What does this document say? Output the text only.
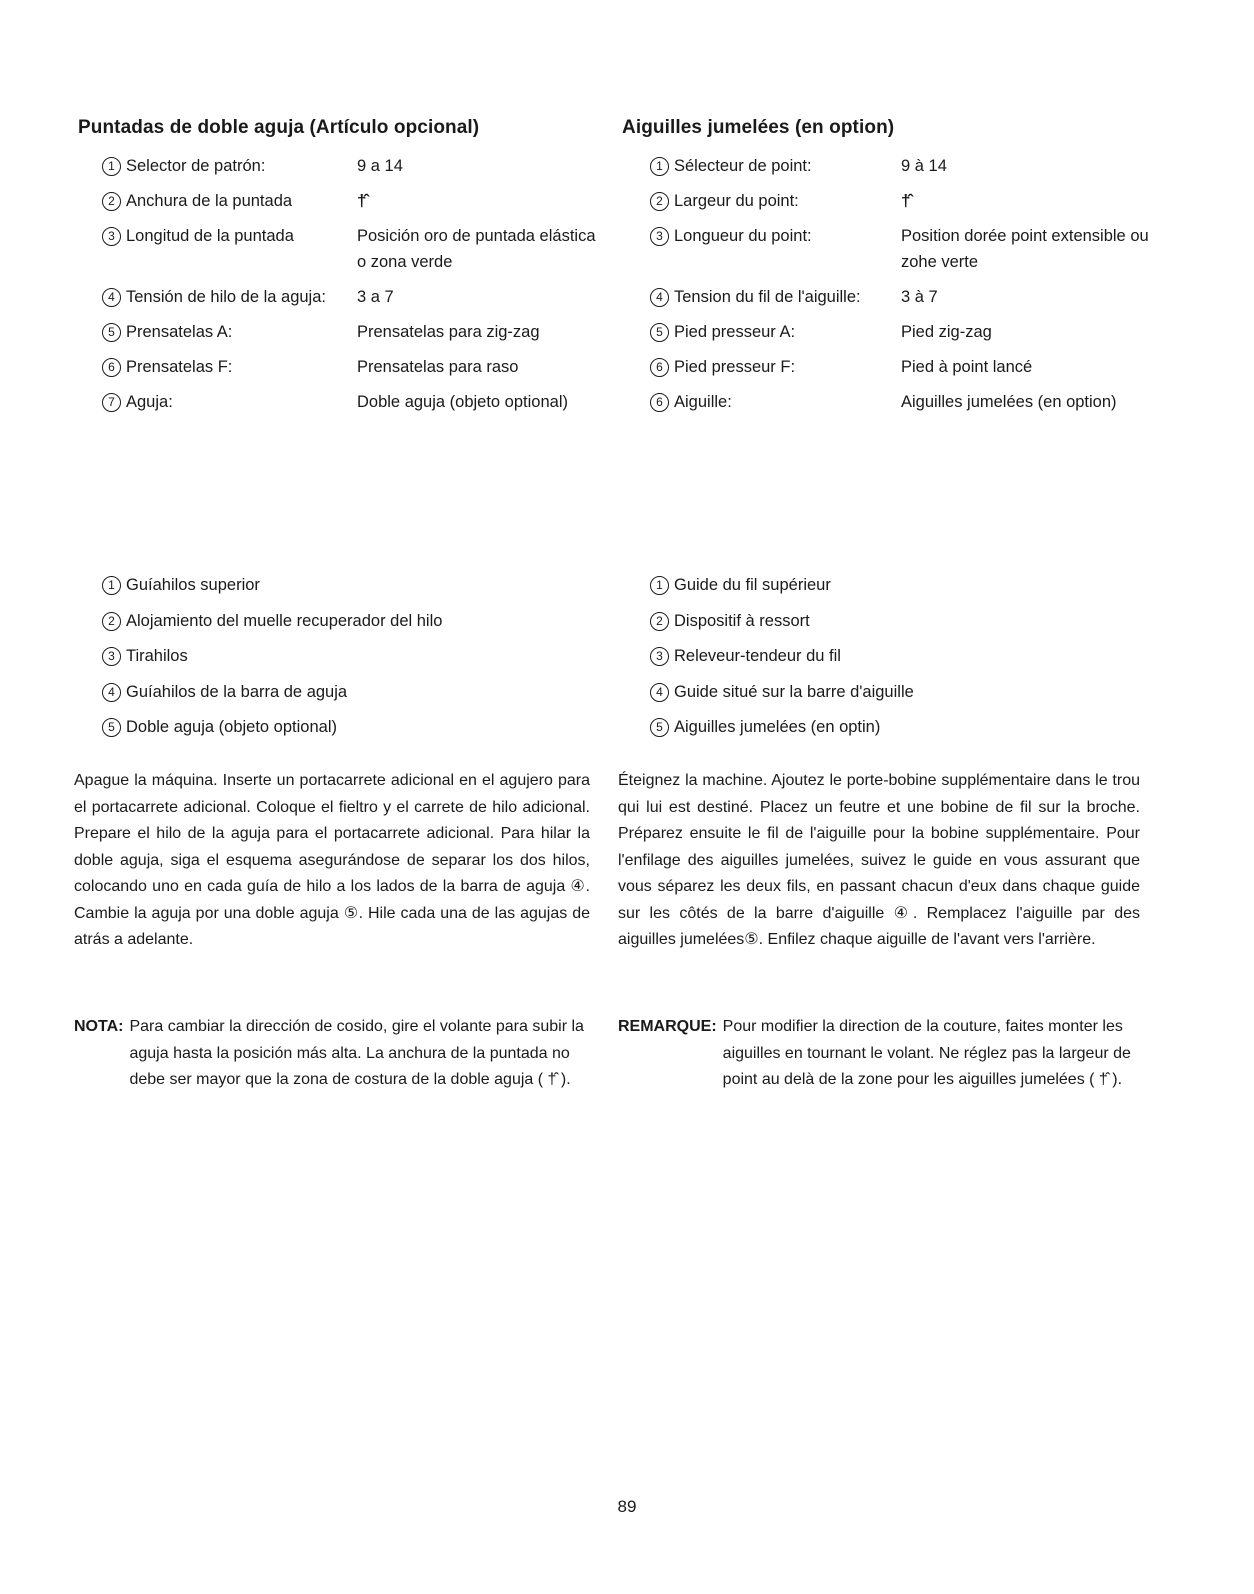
Puntadas de doble aguja (Artículo opcional)
1 Selector de patrón:	9 a 14
2 Anchura de la puntada	†̂
3 Longitud de la puntada	Posición oro de puntada elástica o zona verde
4 Tensión de hilo de la aguja:	3 a 7
5 Prensatelas A:	Prensatelas para zig-zag
6 Prensatelas F:	Prensatelas para raso
7 Aguja:	Doble aguja (objeto optional)
1 Guíahilos superior
2 Alojamiento del muelle recuperador del hilo
3 Tirahilos
4 Guíahilos de la barra de aguja
5 Doble aguja (objeto optional)

Apague la máquina. Inserte un portacarrete adicional en el agujero para el portacarrete adicional. Coloque el fieltro y el carrete de hilo adicional. Prepare el hilo de la aguja para el portacarrete adicional. Para hilar la doble aguja, siga el esquema asegurándose de separar los dos hilos, colocando uno en cada guía de hilo a los lados de la barra de aguja ④. Cambie la aguja por una doble aguja ⑤. Hile cada una de las agujas de atrás a adelante.

NOTA: Para cambiar la dirección de cosido, gire el volante para subir la aguja hasta la posición más alta. La anchura de la puntada no debe ser mayor que la zona de costura de la doble aguja ( †̂ ).
Aiguilles jumelées (en option)
1 Sélecteur de point:	9 à 14
2 Largeur du point:	†̂
3 Longueur du point:	Position dorée point extensible ou zohe verte
4 Tension du fil de l'aiguille:	3 à 7
5 Pied presseur A:	Pied zig-zag
6 Pied presseur F:	Pied à point lancé
6 Aiguille:	Aiguilles jumelées (en option)
1 Guide du fil supérieur
2 Dispositif à ressort
3 Releveur-tendeur du fil
4 Guide situé sur la barre d'aiguille
5 Aiguilles jumelées (en optin)

Éteignez la machine. Ajoutez le porte-bobine supplémentaire dans le trou qui lui est destiné. Placez un feutre et une bobine de fil sur la broche. Préparez ensuite le fil de l'aiguille pour la bobine supplémentaire. Pour l'enfilage des aiguilles jumelées, suivez le guide en vous assurant que vous séparez les deux fils, en passant chacun d'eux dans chaque guide sur les côtés de la barre d'aiguille ④. Remplacez l'aiguille par des aiguilles jumelées⑤. Enfilez chaque aiguille de l'avant vers l'arrière.

REMARQUE: Pour modifier la direction de la couture, faites monter les aiguilles en tournant le volant. Ne réglez pas la largeur de point au delà de la zone pour les aiguilles jumelées ( †̂ ).
89
